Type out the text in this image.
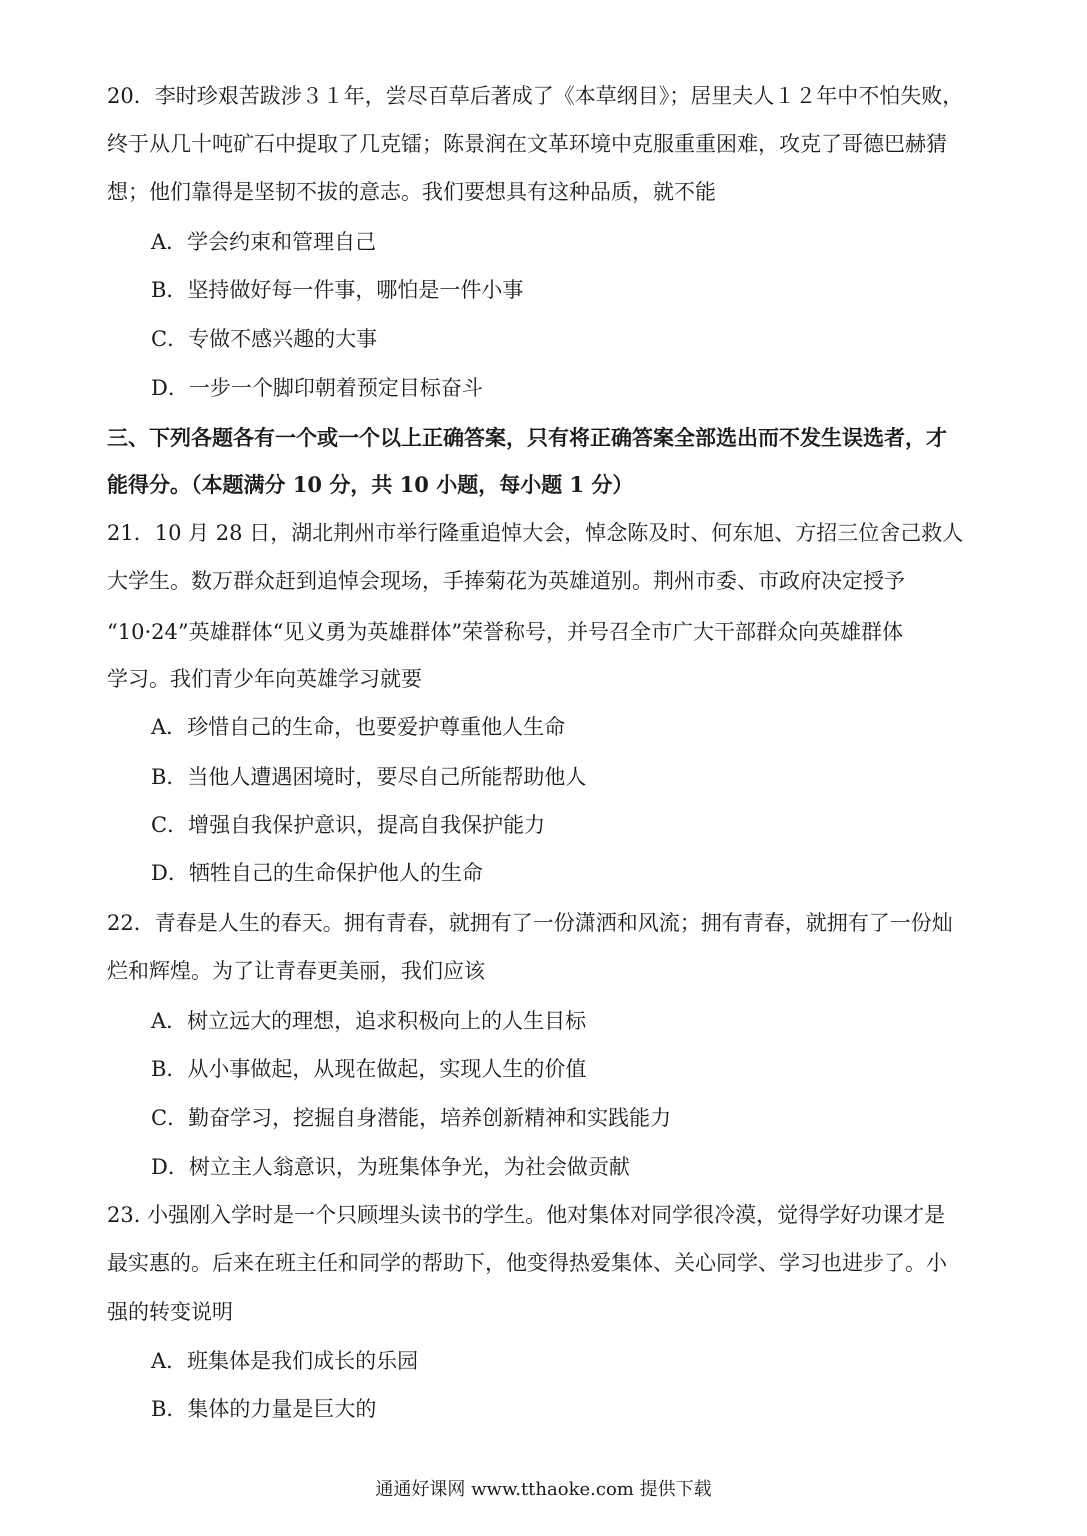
20．李时珍艰苦跋涉３１年，尝尽百草后著成了《本草纲目》；居里夫人１２年中不怕失败，
终于从几十吨矿石中提取了几克镭；陈景润在文革环境中克服重重困难，攻克了哥德巴赫猜
想；他们靠得是坚韧不拔的意志。我们要想具有这种品质，就不能
A．学会约束和管理自己
B．坚持做好每一件事，哪怕是一件小事
C．专做不感兴趣的大事
D．一步一个脚印朝着预定目标奋斗
三、下列各题各有一个或一个以上正确答案，只有将正确答案全部选出而不发生误选者，才
能得分。（本题满分 10 分，共 10 小题，每小题 1 分）
21．10 月 28 日，湖北荆州市举行隆重追悼大会，悼念陈及时、何东旭、方招三位舍己救人
大学生。数万群众赶到追悼会现场，手捧菊花为英雄道别。荆州市委、市政府决定授予
“10·24”英雄群体“见义勇为英雄群体”荣誉称号，并号召全市广大干部群众向英雄群体
学习。我们青少年向英雄学习就要
A．珍惜自己的生命，也要爱护尊重他人生命
B．当他人遭遇困境时，要尽自己所能帮助他人
C．增强自我保护意识，提高自我保护能力
D．牺牲自己的生命保护他人的生命
22．青春是人生的春天。拥有青春，就拥有了一份潇洒和风流；拥有青春，就拥有了一份灿
烂和辉煌。为了让青春更美丽，我们应该
A．树立远大的理想，追求积极向上的人生目标
B．从小事做起，从现在做起，实现人生的价值
C．勤奋学习，挖掘自身潜能，培养创新精神和实践能力
D．树立主人翁意识，为班集体争光，为社会做贡献
23. 小强刚入学时是一个只顾埋头读书的学生。他对集体对同学很冷漠，觉得学好功课才是
最实惠的。后来在班主任和同学的帮助下，他变得热爱集体、关心同学、学习也进步了。小
强的转变说明
A．班集体是我们成长的乐园
B．集体的力量是巨大的
通通好课网 www.tthaoke.com 提供下载
